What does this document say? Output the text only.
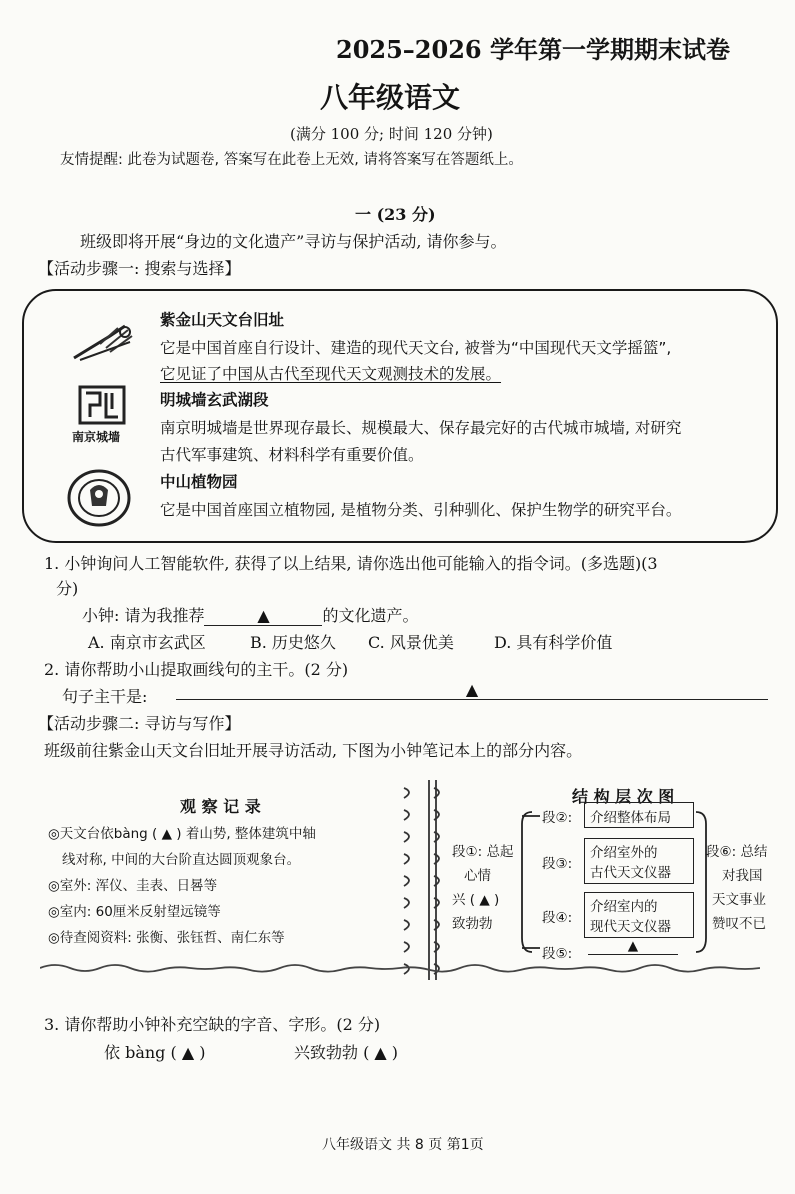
2025–2026 学年第一学期期末试卷
八年级语文
(满分 100 分; 时间 120 分钟)
友情提醒: 此卷为试题卷, 答案写在此卷上无效, 请将答案写在答题纸上。
一 (23 分)
班级即将开展“身边的文化遗产”寻访与保护活动, 请你参与。
【活动步骤一: 搜索与选择】
南京城墙
紫金山天文台旧址
它是中国首座自行设计、建造的现代天文台, 被誉为“中国现代天文学摇篮”,
它见证了中国从古代至现代天文观测技术的发展。
明城墙玄武湖段
南京明城墙是世界现存最长、规模最大、保存最完好的古代城市城墙, 对研究
古代军事建筑、材料科学有重要价值。
中山植物园
它是中国首座国立植物园, 是植物分类、引种驯化、保护生物学的研究平台。
1. 小钟询问人工智能软件, 获得了以上结果, 请你选出他可能输入的指令词。(多选题)(3
分)
小钟: 请为我推荐	▲	的文化遗产。
A. 南京市玄武区	B. 历史悠久 C. 风景优美	D. 具有科学价值
2. 请你帮助小山提取画线句的主干。(2 分)
句子主干是:	▲
【活动步骤二: 寻访与写作】
班级前往紫金山天文台旧址开展寻访活动, 下图为小钟笔记本上的部分内容。
观 察 记 录
◎天文台依bàng ( ▲ ) 着山势, 整体建筑中轴
线对称, 中间的大台阶直达圆顶观象台。
◎室外: 浑仪、圭表、日晷等
◎室内: 60厘米反射望远镜等
◎待查阅资料: 张衡、张钰哲、南仁东等
结 构 层 次 图
段①: 总起
心情
兴 ( ▲ )
致勃勃
段②: 介绍整体布局
段③:
介绍室外的
古代天文仪器
段④:
介绍室内的
现代天文仪器
段⑤:	▲
段⑥: 总结
对我国
天文事业
赞叹不已
3. 请你帮助小钟补充空缺的字音、字形。(2 分)
依 bàng ( ▲ )	兴致勃勃 ( ▲ )
八年级语文 共 8 页 第1页
